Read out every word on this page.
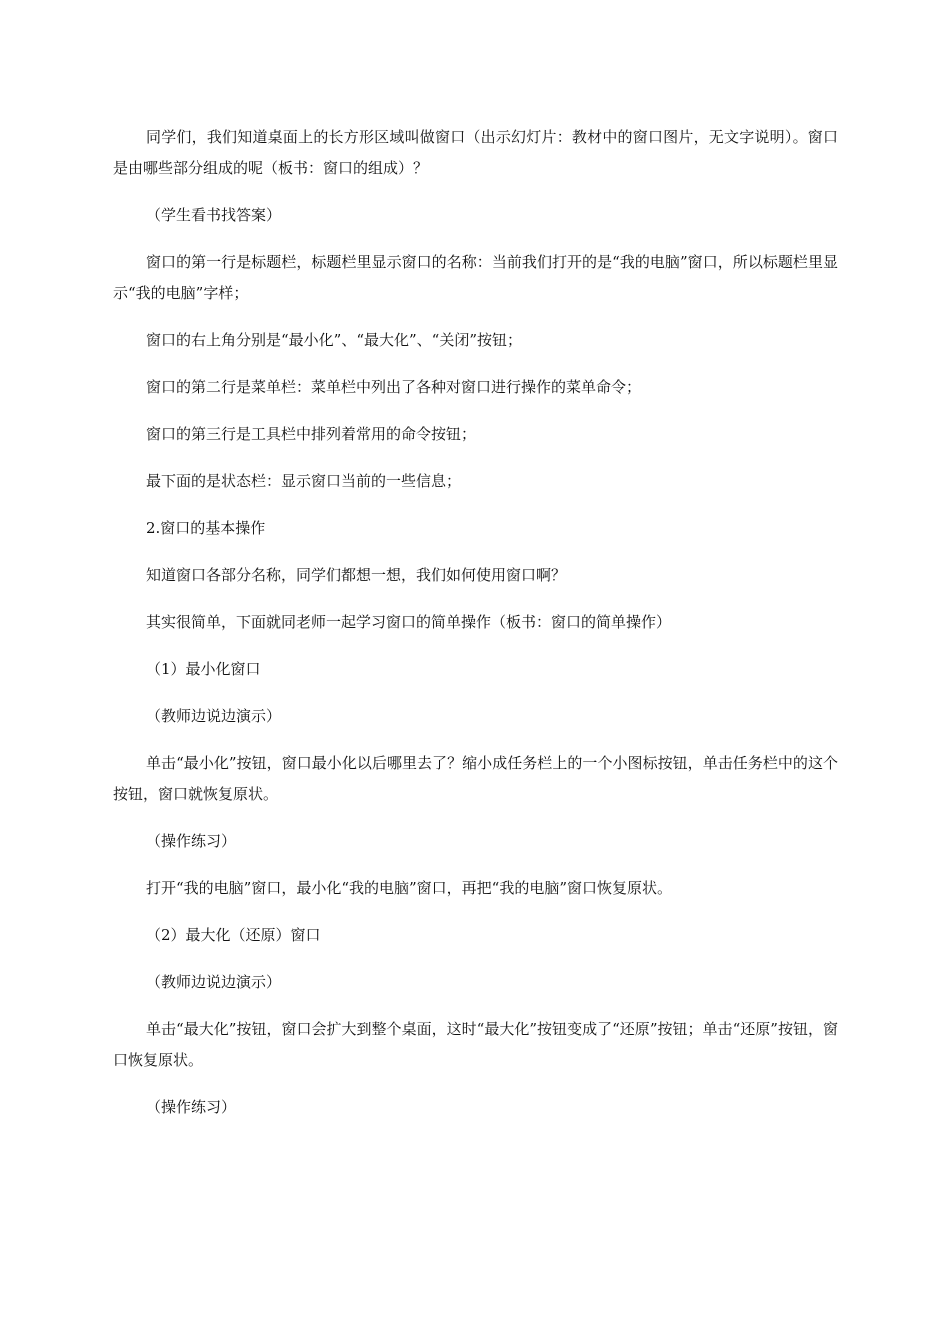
同学们，我们知道桌面上的长方形区域叫做窗口（出示幻灯片：教材中的窗口图片，无文字说明）。窗口是由哪些部分组成的呢（板书：窗口的组成）？

（学生看书找答案）

窗口的第一行是标题栏，标题栏里显示窗口的名称：当前我们打开的是“我的电脑”窗口，所以标题栏里显示“我的电脑”字样；

窗口的右上角分别是“最小化”、“最大化”、“关闭”按钮；

窗口的第二行是菜单栏：菜单栏中列出了各种对窗口进行操作的菜单命令；

窗口的第三行是工具栏中排列着常用的命令按钮；

最下面的是状态栏：显示窗口当前的一些信息；

2.窗口的基本操作

知道窗口各部分名称，同学们都想一想，我们如何使用窗口啊？

其实很简单，下面就同老师一起学习窗口的简单操作（板书：窗口的简单操作）

（1）最小化窗口

（教师边说边演示）

单击“最小化”按钮，窗口最小化以后哪里去了？缩小成任务栏上的一个小图标按钮，单击任务栏中的这个按钮，窗口就恢复原状。

（操作练习）

打开“我的电脑”窗口，最小化“我的电脑”窗口，再把“我的电脑”窗口恢复原状。

（2）最大化（还原）窗口

（教师边说边演示）

单击“最大化”按钮，窗口会扩大到整个桌面，这时“最大化”按钮变成了“还原”按钮；单击“还原”按钮，窗口恢复原状。

（操作练习）
